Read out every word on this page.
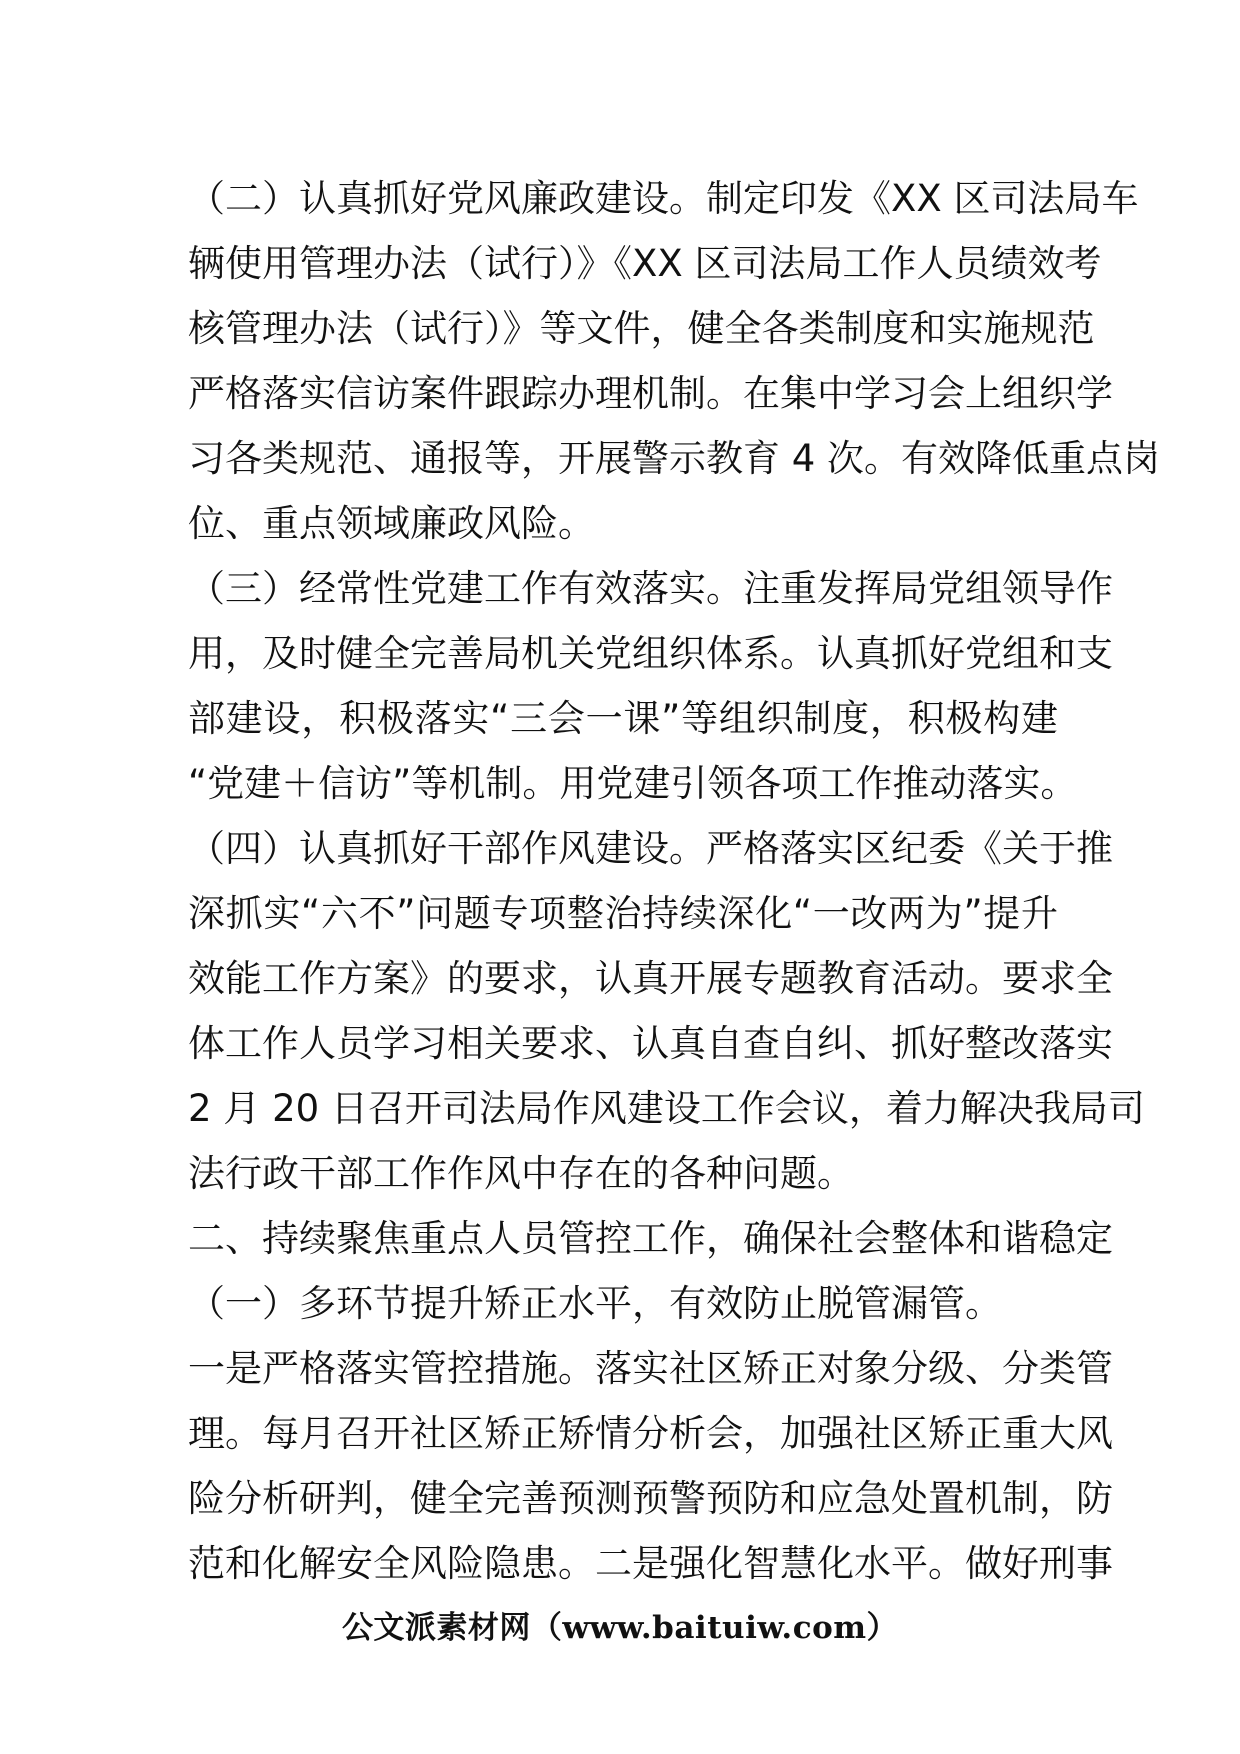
（二）认真抓好党风廉政建设。制定印发《XX 区司法局车
辆使用管理办法（试行）》《XX 区司法局工作人员绩效考
核管理办法（试行）》等文件，健全各类制度和实施规范
严格落实信访案件跟踪办理机制。在集中学习会上组织学
习各类规范、通报等，开展警示教育 4 次。有效降低重点岗
位、重点领域廉政风险。
（三）经常性党建工作有效落实。注重发挥局党组领导作
用，及时健全完善局机关党组织体系。认真抓好党组和支
部建设，积极落实“三会一课”等组织制度，积极构建
“党建＋信访”等机制。用党建引领各项工作推动落实。
（四）认真抓好干部作风建设。严格落实区纪委《关于推
深抓实“六不”问题专项整治持续深化“一改两为”提升
效能工作方案》的要求，认真开展专题教育活动。要求全
体工作人员学习相关要求、认真自查自纠、抓好整改落实
2 月 20 日召开司法局作风建设工作会议，着力解决我局司
法行政干部工作作风中存在的各种问题。
二、持续聚焦重点人员管控工作，确保社会整体和谐稳定
（一）多环节提升矫正水平，有效防止脱管漏管。
一是严格落实管控措施。落实社区矫正对象分级、分类管
理。每月召开社区矫正矫情分析会，加强社区矫正重大风
险分析研判，健全完善预测预警预防和应急处置机制，防
范和化解安全风险隐患。二是强化智慧化水平。做好刑事
公文派素材网（www.baituiw.com）
